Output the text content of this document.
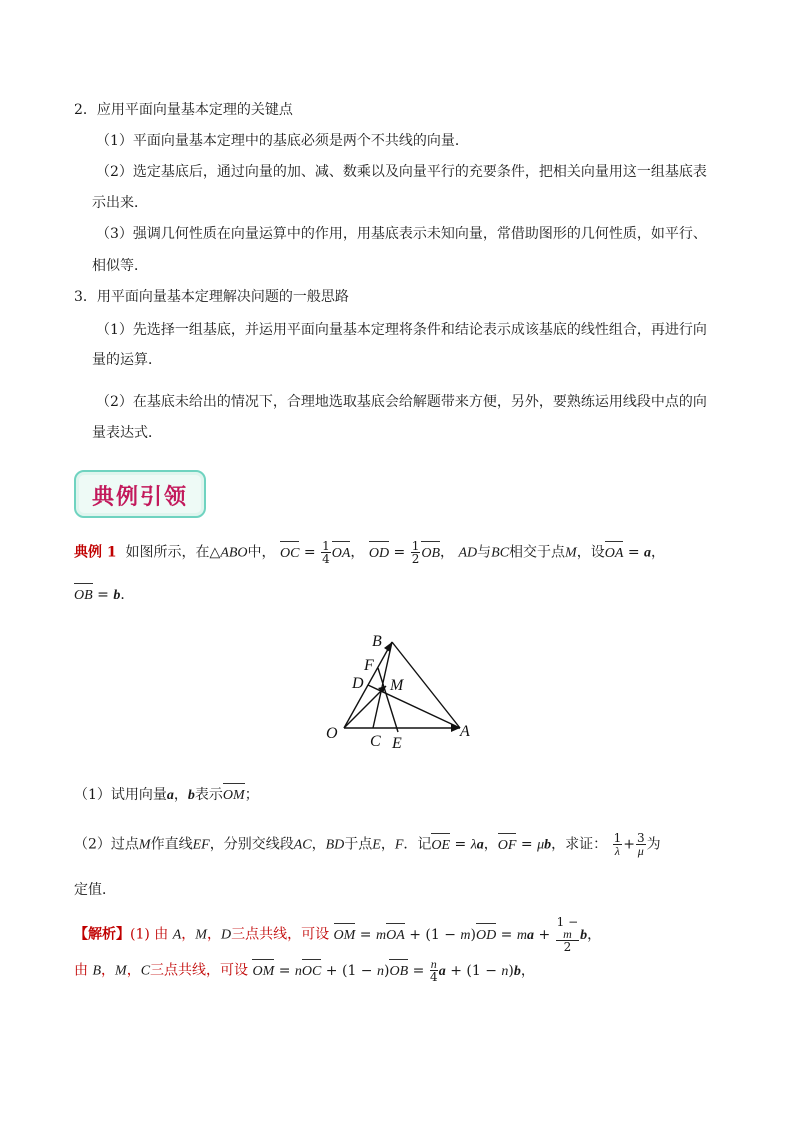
2．应用平面向量基本定理的关键点
（1）平面向量基本定理中的基底必须是两个不共线的向量．
（2）选定基底后，通过向量的加、减、数乘以及向量平行的充要条件，把相关向量用这一组基底表
示出来．
（3）强调几何性质在向量运算中的作用，用基底表示未知向量，常借助图形的几何性质，如平行、
相似等．
3．用平面向量基本定理解决问题的一般思路
（1）先选择一组基底，并运用平面向量基本定理将条件和结论表示成该基底的线性组合，再进行向
量的运算．
（2）在基底未给出的情况下，合理地选取基底会给解题带来方便，另外，要熟练运用线段中点的向
量表达式．
典例引领
典例 1 如图所示，在△ABO中， OC = $\frac{1}{4}$ OA， OD = $\frac{1}{2}$ OB， AD与BC相交于点M，设OA = a，
OB = b．
O	A
B
C
D
E
F
M
（1）试用向量a，b表示OM；
（2）过点M作直线EF，分别交线段AC，BD于点E，F．记OE = λa，OF = μb，求证： $\frac{1}{\lambda} + \frac{3}{\mu}$ 为
定值．
【解析】(1) 由 A，M，D三点共线，可设 OM = mOA + (1 − m)OD = ma + 1 −
m
2 b，
由 B，M，C三点共线，可设 OM = nOC + $(1 - n)OB = \frac{n}{4}$ a + (1 − n)b，
